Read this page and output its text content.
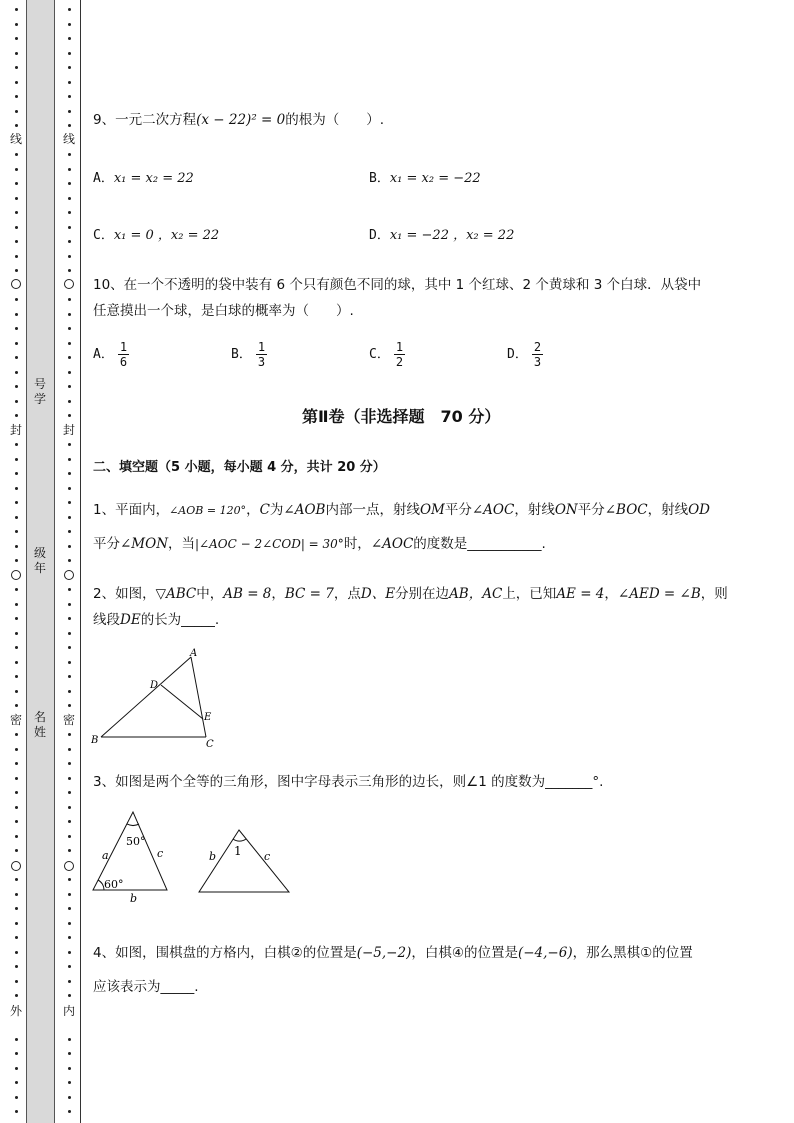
线
封
密
外
线
封
密
内
号
学
级
年
名
姓
9、一元二次方程(x − 22)² = 0的根为（　　）.
A．x₁ = x₂ = 22	B．x₁ = x₂ = −22
C．x₁ = 0 ，x₂ = 22	D．x₁ = −22 ，x₂ = 22
10、在一个不透明的袋中装有 6 个只有颜色不同的球，其中 1 个红球、2 个黄球和 3 个白球．从袋中
任意摸出一个球，是白球的概率为（　　）.
A． $\frac{1}{6}$	B． $\frac{1}{3}$	C． $\frac{1}{2}$	D． $\frac{2}{3}$
第Ⅱ卷（非选择题　70 分）
二、填空题（5 小题，每小题 4 分，共计 20 分）
1、平面内，∠AOB = 120°，C为∠AOB内部一点，射线OM平分∠AOC，射线ON平分∠BOC，射线OD
平分∠MON，当|∠AOC − 2∠COD| = 30°时，∠AOC的度数是___________.
2、如图，▽ABC中，AB = 8，BC = 7，点D、E分别在边AB，AC上，已知AE = 4，∠AED = ∠B，则
线段DE的长为_____.
A
B	C
D
E
3、如图是两个全等的三角形，图中字母表示三角形的边长，则∠1 的度数为_______°.
50°
60°
a	c
b
1
b	c
4、如图，围棋盘的方格内，白棋②的位置是(−5,−2)，白棋④的位置是(−4,−6)，那么黑棋①的位置
应该表示为_____.
